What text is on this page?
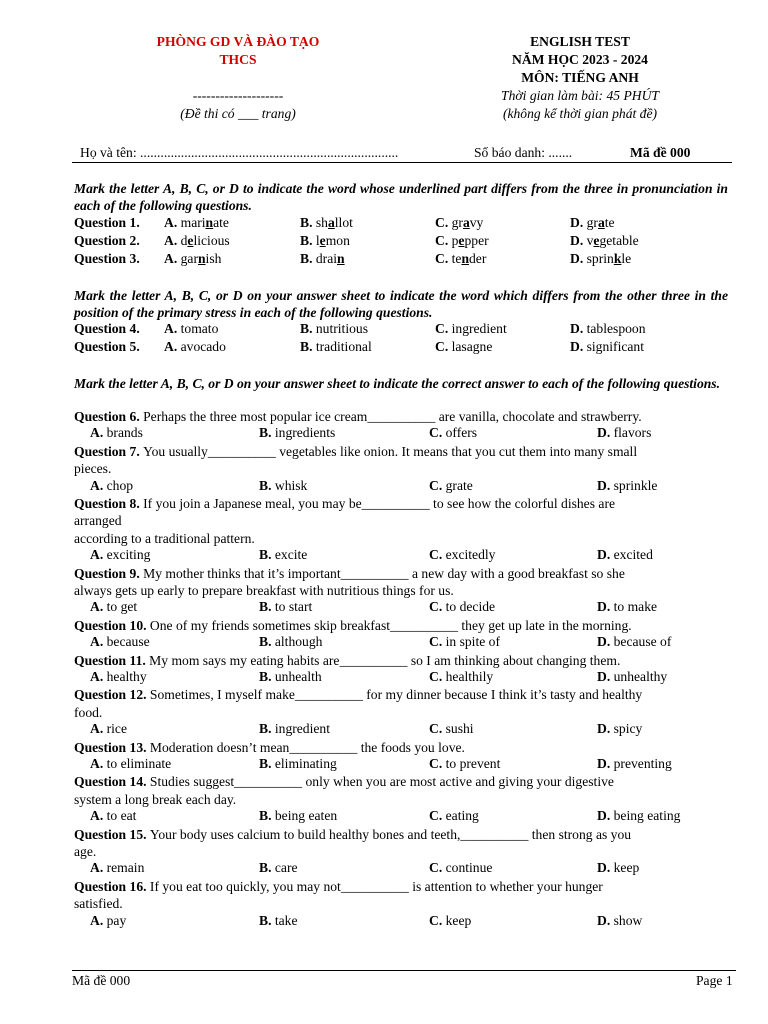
PHÒNG GD VÀ ĐÀO TẠO
THCS
--------------------
(Đề thi có ___ trang)
ENGLISH TEST
NĂM HỌC 2023 - 2024
MÔN: TIẾNG ANH
Thời gian làm bài: 45 PHÚT
(không kể thời gian phát đề)
Họ và tên: ............................................................................	Số báo danh: .......	Mã đề 000
Mark the letter A, B, C, or D to indicate the word whose underlined part differs from the three in pronunciation in each of the following questions.
Question 1. A. marinate	B. shallot	C. gravy	D. grate
Question 2. A. delicious	B. lemon	C. pepper	D. vegetable
Question 3. A. garnish	B. drain	C. tender	D. sprinkle
Mark the letter A, B, C, or D on your answer sheet to indicate the word which differs from the other three in the position of the primary stress in each of the following questions.
Question 4. A. tomato	B. nutritious	C. ingredient	D. tablespoon
Question 5. A. avocado	B. traditional	C. lasagne	D. significant
Mark the letter A, B, C, or D on your answer sheet to indicate the correct answer to each of the following questions.
Question 6. Perhaps the three most popular ice cream__________ are vanilla, chocolate and strawberry.
A. brands	B. ingredients	C. offers	D. flavors
Question 7. You usually__________ vegetables like onion. It means that you cut them into many small
pieces.
A. chop	B. whisk	C. grate	D. sprinkle
Question 8. If you join a Japanese meal, you may be__________ to see how the colorful dishes are
arranged
according to a traditional pattern.
A. exciting	B. excite	C. excitedly	D. excited
Question 9. My mother thinks that it’s important__________ a new day with a good breakfast so she
always gets up early to prepare breakfast with nutritious things for us.
A. to get	B. to start	C. to decide	D. to make
Question 10. One of my friends sometimes skip breakfast__________ they get up late in the morning.
A. because	B. although	C. in spite of	D. because of
Question 11. My mom says my eating habits are__________ so I am thinking about changing them.
A. healthy	B. unhealth	C. healthily	D. unhealthy
Question 12. Sometimes, I myself make__________ for my dinner because I think it’s tasty and healthy
food.
A. rice	B. ingredient	C. sushi	D. spicy
Question 13. Moderation doesn’t mean__________ the foods you love.
A. to eliminate	B. eliminating	C. to prevent	D. preventing
Question 14. Studies suggest__________ only when you are most active and giving your digestive
system a long break each day.
A. to eat	B. being eaten	C. eating	D. being eating
Question 15. Your body uses calcium to build healthy bones and teeth,__________ then strong as you
age.
A. remain	B. care	C. continue	D. keep
Question 16. If you eat too quickly, you may not__________ is attention to whether your hunger
satisfied.
A. pay	B. take	C. keep	D. show
Mã đề 000	Page 1
